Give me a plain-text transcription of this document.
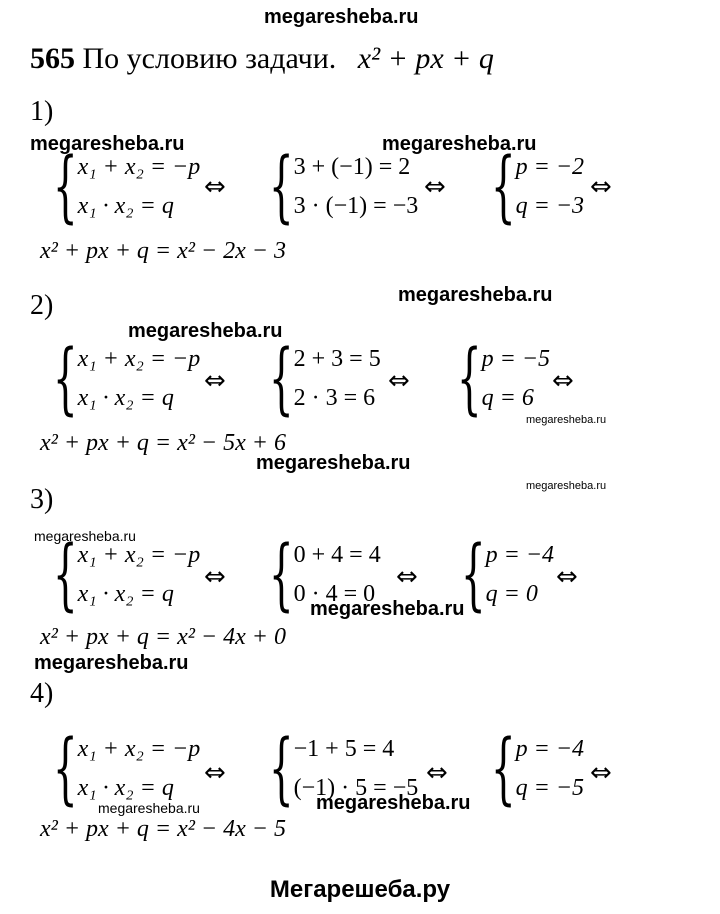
megaresheba.ru
565 По условию задачи. x² + px + q
1)
megaresheba.ru	megaresheba.ru
{ x₁ + x₂ = −p
x₁ · x₂ = q
⇔ { 3 + (−1) = 2
3 · (−1) = −3
⇔ { p = −2
q = −3
⇔
x² + px + q = x² − 2x − 3
megaresheba.ru
2)
megaresheba.ru
{ x₁ + x₂ = −p
x₁ · x₂ = q
⇔ { 2 + 3 = 5
2 · 3 = 6
⇔ { p = −5
q = 6
⇔
megaresheba.ru
x² + px + q = x² − 5x + 6
megaresheba.ru
megaresheba.ru
3)
megaresheba.ru
{ x₁ + x₂ = −p
x₁ · x₂ = q
⇔ { 0 + 4 = 4
0 · 4 = 0
⇔ { p = −4
q = 0
⇔
megaresheba.ru
x² + px + q = x² − 4x + 0
megaresheba.ru
4)
{ x₁ + x₂ = −p
x₁ · x₂ = q	⇔ { −1 + 5 = 4
(−1) · 5 = −5 ⇔ { p = −4
q = −5 ⇔
megaresheba.ru	megaresheba.ru
x² + px + q = x² − 4x − 5
Мегарешеба.ру
